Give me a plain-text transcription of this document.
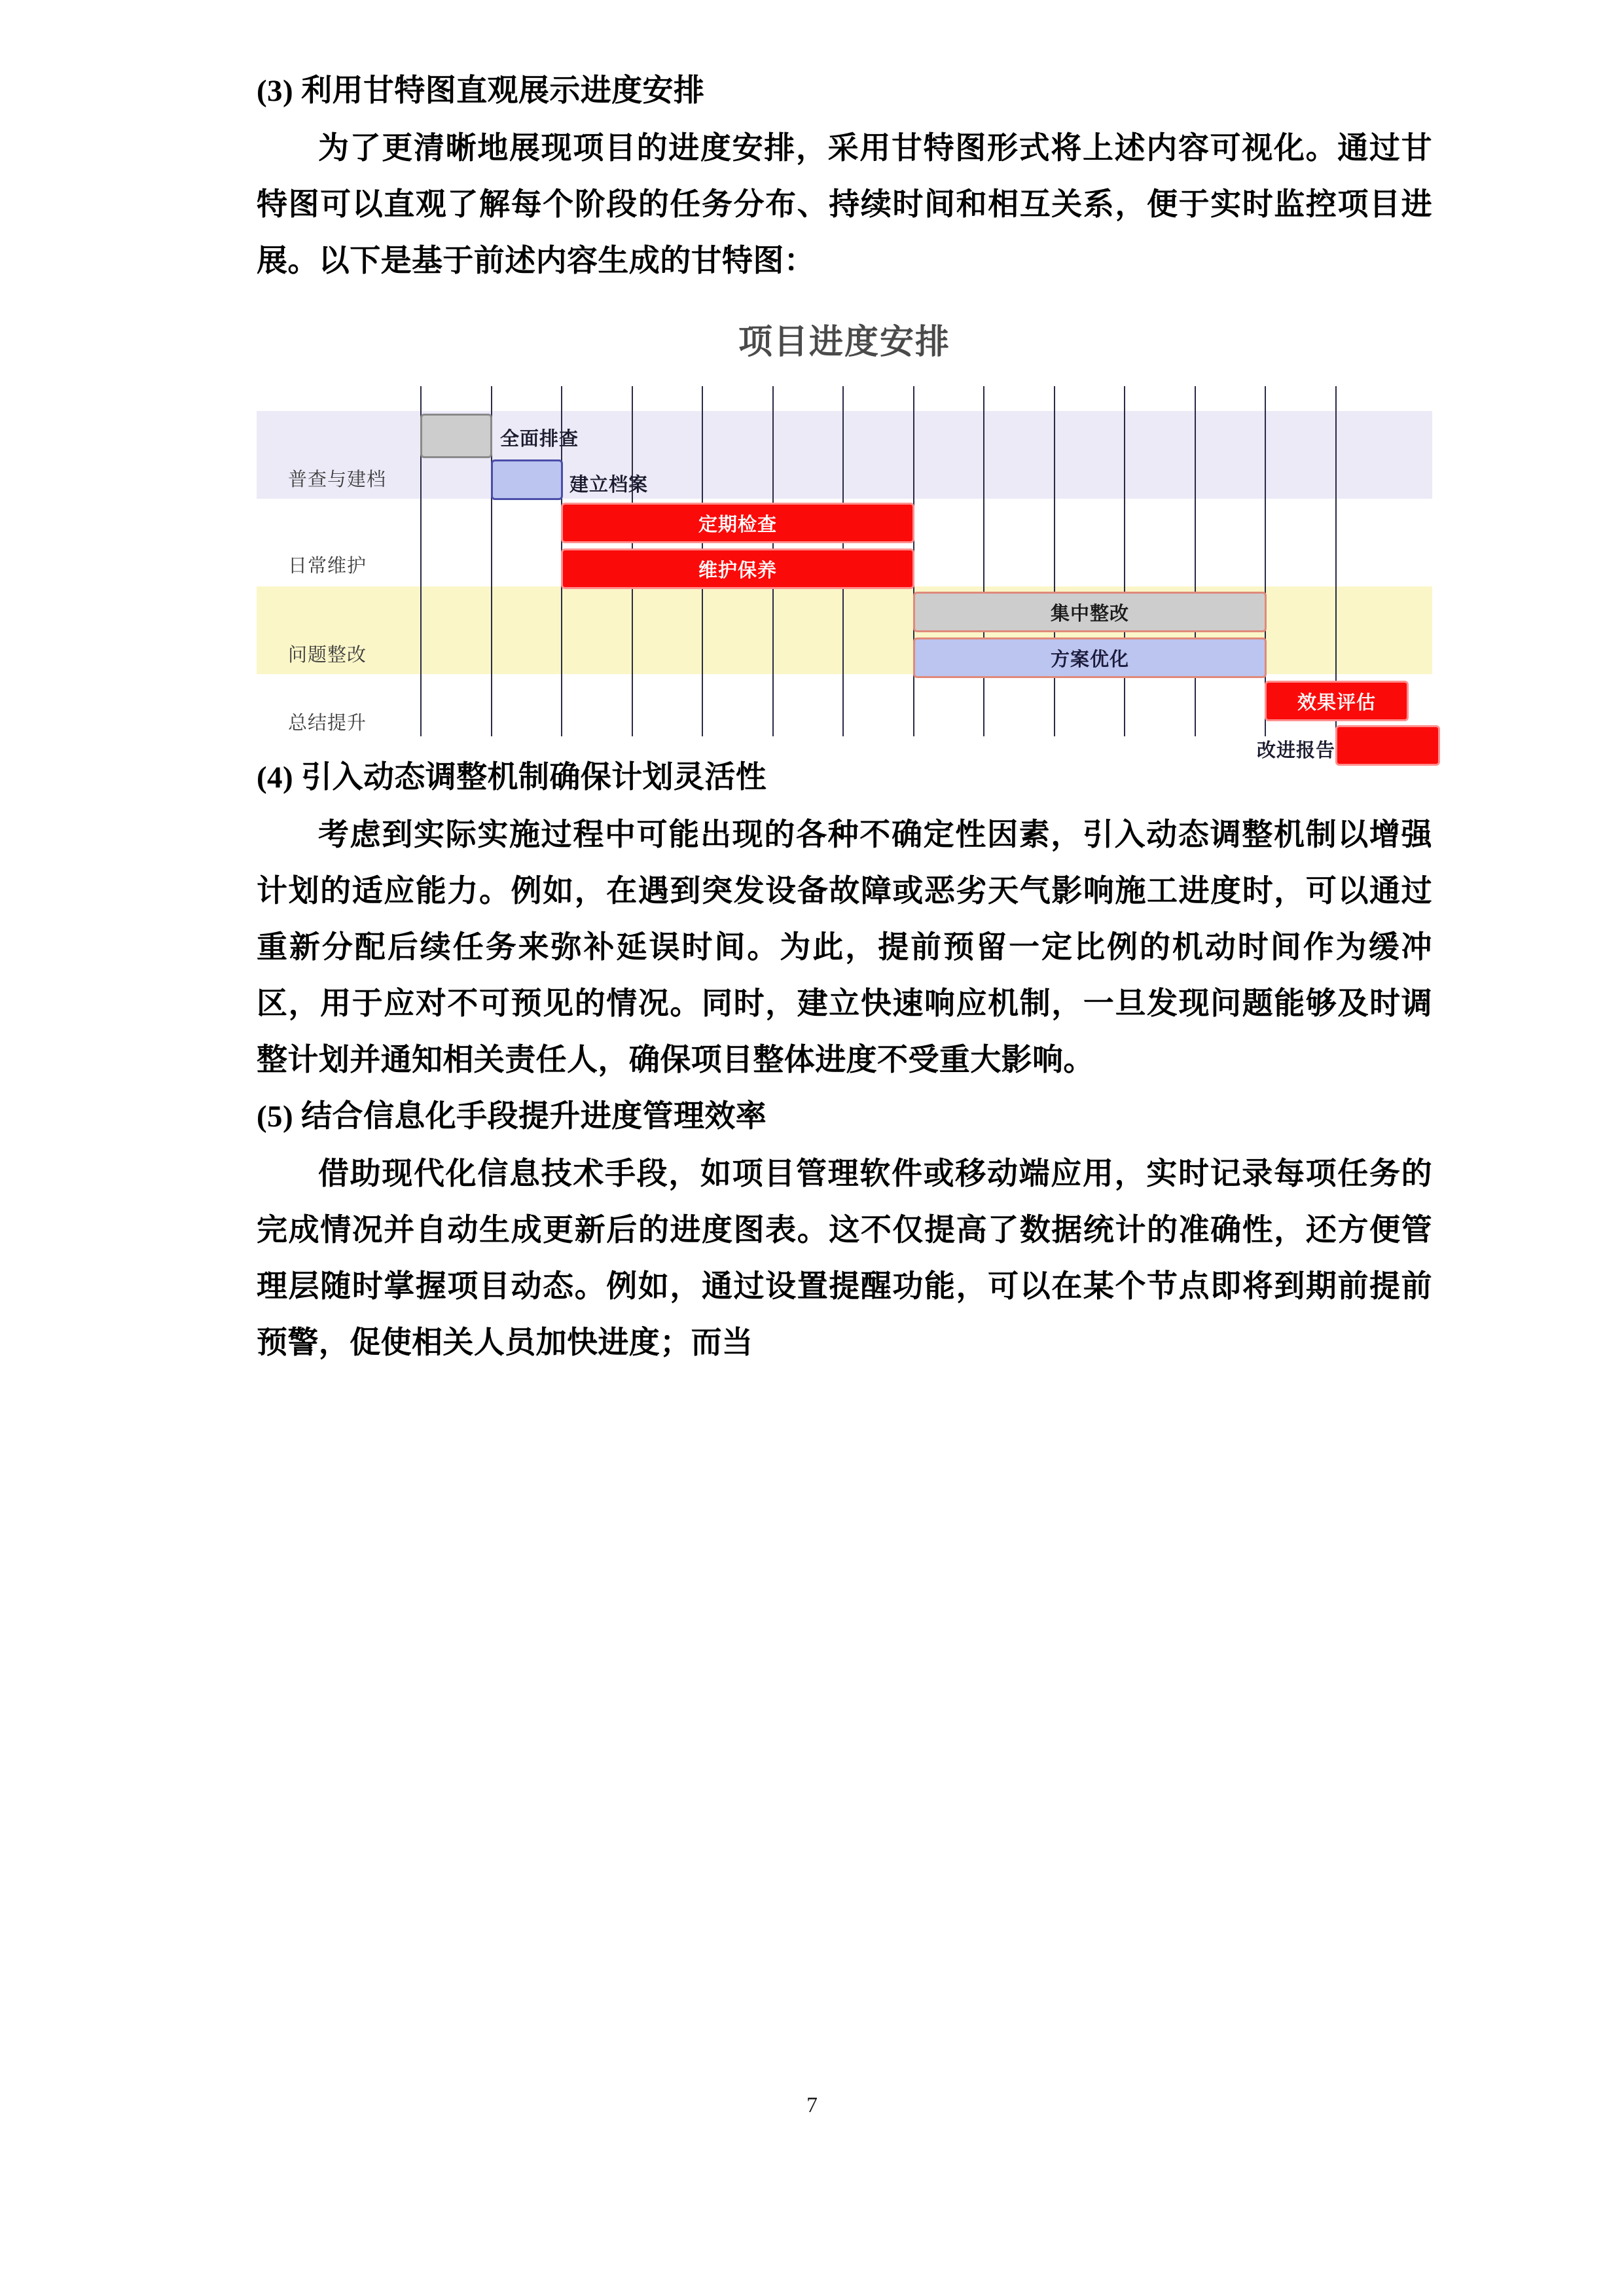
(3) 利用甘特图直观展示进度安排

为了更清晰地展现项目的进度安排，采用甘特图形式将上述内容可视化。通过甘特图可以直观了解每个阶段的任务分布、持续时间和相互关系，便于实时监控项目进展。以下是基于前述内容生成的甘特图：

项目进度安排
普查与建档
日常维护
问题整改
总结提升
全面排查
建立档案
定期检查
维护保养
集中整改
方案优化
效果评估
改进报告

(4) 引入动态调整机制确保计划灵活性

考虑到实际实施过程中可能出现的各种不确定性因素，引入动态调整机制以增强计划的适应能力。例如，在遇到突发设备故障或恶劣天气影响施工进度时，可以通过重新分配后续任务来弥补延误时间。为此，提前预留一定比例的机动时间作为缓冲区，用于应对不可预见的情况。同时，建立快速响应机制，一旦发现问题能够及时调整计划并通知相关责任人，确保项目整体进度不受重大影响。

(5) 结合信息化手段提升进度管理效率

借助现代化信息技术手段，如项目管理软件或移动端应用，实时记录每项任务的完成情况并自动生成更新后的进度图表。这不仅提高了数据统计的准确性，还方便管理层随时掌握项目动态。例如，通过设置提醒功能，可以在某个节点即将到期前提前预警，促使相关人员加快进度；而当

7
